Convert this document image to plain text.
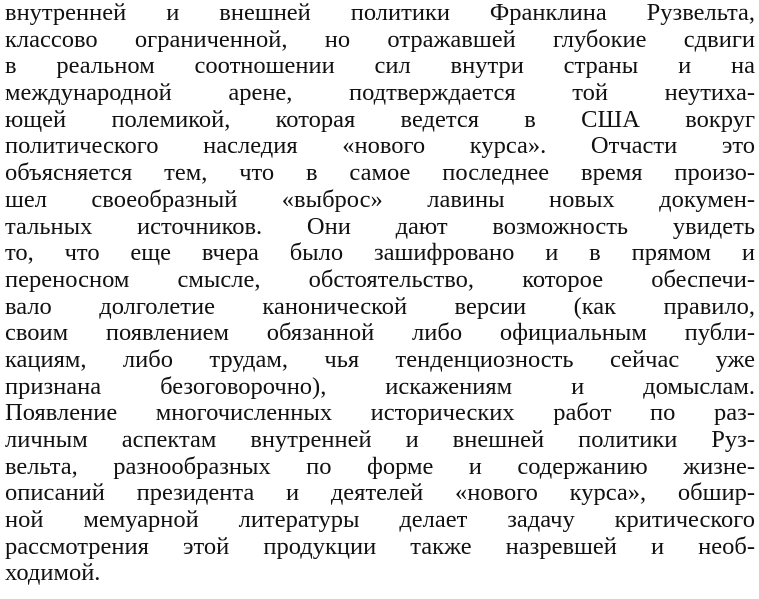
внутренней и внешней политики Франклина Рузвельта,
классово ограниченной, но отражавшей глубокие сдвиги
в реальном соотношении сил внутри страны и на
международной арене, подтверждается той неутиха-
ющей полемикой, которая ведется в США вокруг
политического наследия «нового курса». Отчасти это
объясняется тем, что в самое последнее время произо-
шел своеобразный «выброс» лавины новых докумен-
тальных источников. Они дают возможность увидеть
то, что еще вчера было зашифровано и в прямом и
переносном смысле, обстоятельство, которое обеспечи-
вало долголетие канонической версии (как правило,
своим появлением обязанной либо официальным публи-
кациям, либо трудам, чья тенденциозность сейчас уже
признана безоговорочно), искажениям и домыслам.
Появление многочисленных исторических работ по раз-
личным аспектам внутренней и внешней политики Руз-
вельта, разнообразных по форме и содержанию жизне-
описаний президента и деятелей «нового курса», обшир-
ной мемуарной литературы делает задачу критического
рассмотрения этой продукции также назревшей и необ-
ходимой.
